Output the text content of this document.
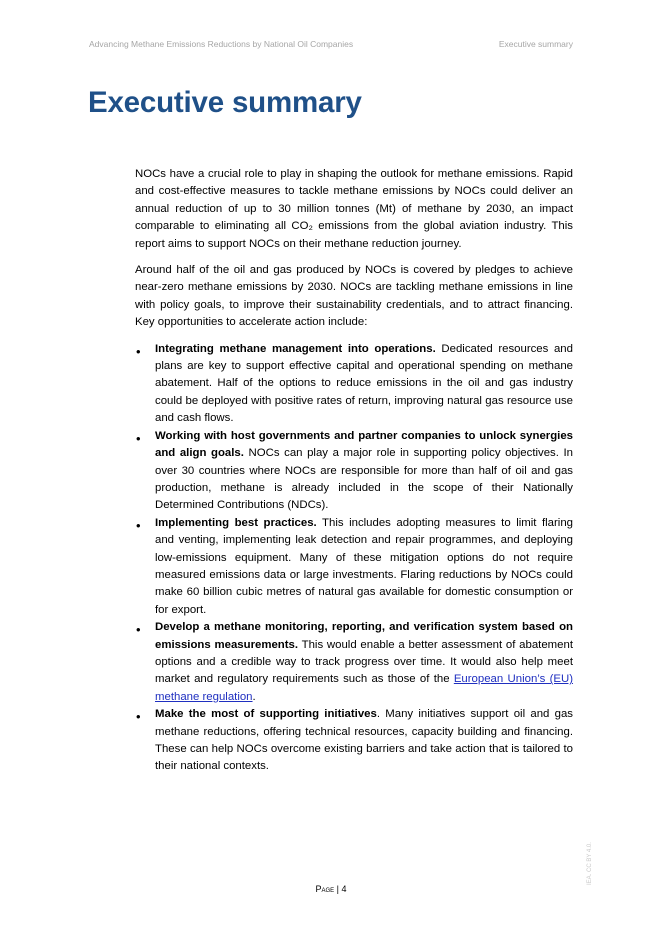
Advancing Methane Emissions Reductions by National Oil Companies	Executive summary
Executive summary

NOCs have a crucial role to play in shaping the outlook for methane emissions. Rapid and cost-effective measures to tackle methane emissions by NOCs could deliver an annual reduction of up to 30 million tonnes (Mt) of methane by 2030, an impact comparable to eliminating all CO₂ emissions from the global aviation industry. This report aims to support NOCs on their methane reduction journey.

Around half of the oil and gas produced by NOCs is covered by pledges to achieve near-zero methane emissions by 2030. NOCs are tackling methane emissions in line with policy goals, to improve their sustainability credentials, and to attract financing. Key opportunities to accelerate action include:

• Integrating methane management into operations. Dedicated resources and plans are key to support effective capital and operational spending on methane abatement. Half of the options to reduce emissions in the oil and gas industry could be deployed with positive rates of return, improving natural gas resource use and cash flows.
• Working with host governments and partner companies to unlock synergies and align goals. NOCs can play a major role in supporting policy objectives. In over 30 countries where NOCs are responsible for more than half of oil and gas production, methane is already included in the scope of their Nationally Determined Contributions (NDCs).
• Implementing best practices. This includes adopting measures to limit flaring and venting, implementing leak detection and repair programmes, and deploying low-emissions equipment. Many of these mitigation options do not require measured emissions data or large investments. Flaring reductions by NOCs could make 60 billion cubic metres of natural gas available for domestic consumption or for export.
• Develop a methane monitoring, reporting, and verification system based on emissions measurements. This would enable a better assessment of abatement options and a credible way to track progress over time. It would also help meet market and regulatory requirements such as those of the European Union’s (EU) methane regulation.
• Make the most of supporting initiatives. Many initiatives support oil and gas methane reductions, offering technical resources, capacity building and financing. These can help NOCs overcome existing barriers and take action that is tailored to their national contexts.
Page | 4
IEA. CC BY 4.0.
